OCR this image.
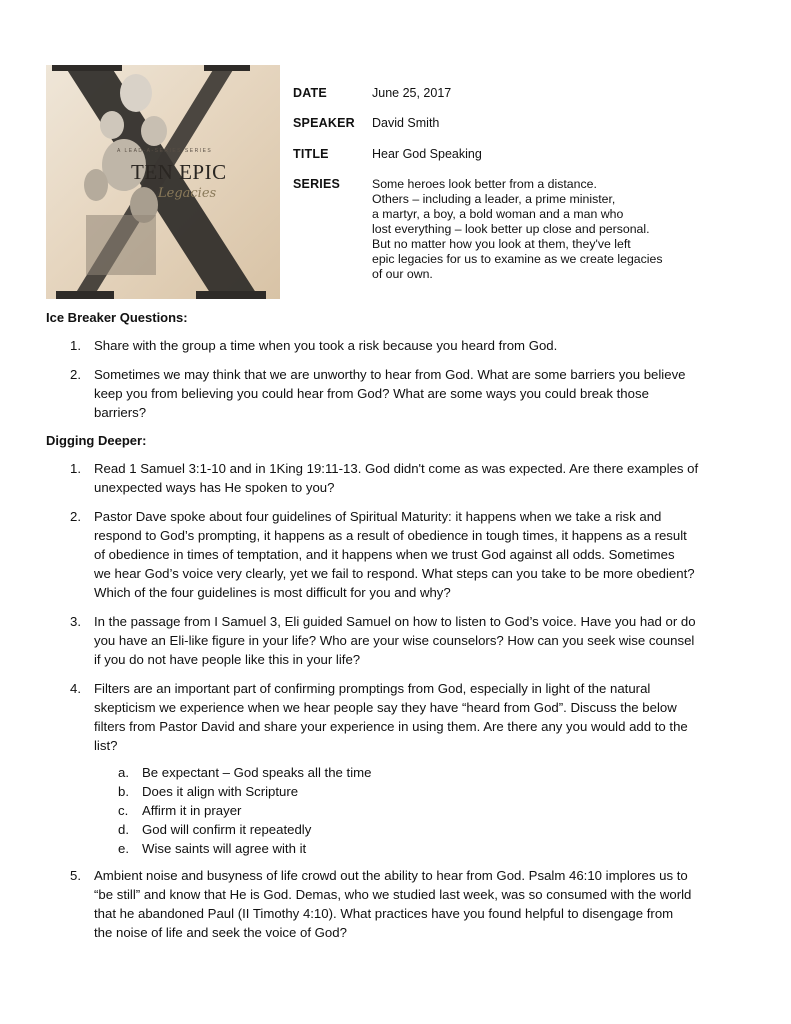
A LEAD-A-SERIES SERIES
TEN EPIC
Legacies
DATE	June 25, 2017
SPEAKER David Smith
TITLE	Hear God Speaking
SERIES	Some heroes look better from a distance.
Others – including a leader, a prime minister,
a martyr, a boy, a bold woman and a man who
lost everything – look better up close and personal.
But no matter how you look at them, they've left
epic legacies for us to examine as we create legacies
of our own.
Ice Breaker Questions:
1. Share with the group a time when you took a risk because you heard from God.
2. Sometimes we may think that we are unworthy to hear from God. What are some barriers you believe
keep you from believing you could hear from God? What are some ways you could break those
barriers?
Digging Deeper:
1. Read 1 Samuel 3:1-10 and in 1King 19:11-13. God didn't come as was expected. Are there examples of
unexpected ways has He spoken to you?
2. Pastor Dave spoke about four guidelines of Spiritual Maturity: it happens when we take a risk and
respond to God’s prompting, it happens as a result of obedience in tough times, it happens as a result
of obedience in times of temptation, and it happens when we trust God against all odds. Sometimes
we hear God’s voice very clearly, yet we fail to respond. What steps can you take to be more obedient?
Which of the four guidelines is most difficult for you and why?
3. In the passage from I Samuel 3, Eli guided Samuel on how to listen to God’s voice. Have you had or do
you have an Eli-like figure in your life? Who are your wise counselors? How can you seek wise counsel
if you do not have people like this in your life?
4. Filters are an important part of confirming promptings from God, especially in light of the natural
skepticism we experience when we hear people say they have “heard from God”. Discuss the below
filters from Pastor David and share your experience in using them. Are there any you would add to the
list?
a. Be expectant – God speaks all the time
b. Does it align with Scripture
c. Affirm it in prayer
d. God will confirm it repeatedly
e. Wise saints will agree with it
5. Ambient noise and busyness of life crowd out the ability to hear from God. Psalm 46:10 implores us to
“be still” and know that He is God. Demas, who we studied last week, was so consumed with the world
that he abandoned Paul (II Timothy 4:10). What practices have you found helpful to disengage from
the noise of life and seek the voice of God?
